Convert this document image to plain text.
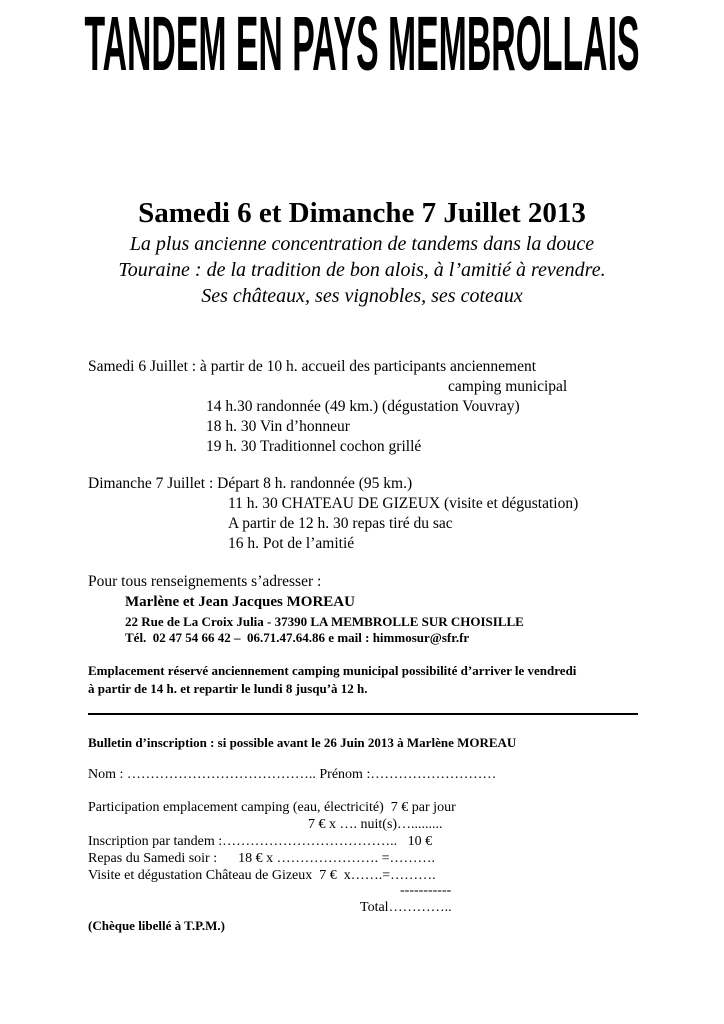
TANDEM EN PAYS MEMBROLLAIS
Samedi 6 et Dimanche 7 Juillet 2013
La plus ancienne concentration de tandems dans la douce
Touraine : de la tradition de bon alois, à l’amitié à revendre.
Ses châteaux, ses vignobles, ses coteaux
Samedi 6 Juillet : à partir de 10 h. accueil des participants anciennement
camping municipal
14 h.30 randonnée (49 km.) (dégustation Vouvray)
18 h. 30 Vin d’honneur
19 h. 30 Traditionnel cochon grillé
Dimanche 7 Juillet : Départ 8 h. randonnée (95 km.)
11 h. 30 CHATEAU DE GIZEUX (visite et dégustation)
A partir de 12 h. 30 repas tiré du sac
16 h. Pot de l’amitié
Pour tous renseignements s’adresser :
Marlène et Jean Jacques MOREAU
22 Rue de La Croix Julia - 37390 LA MEMBROLLE SUR CHOISILLE
Tél.  02 47 54 66 42 –  06.71.47.64.86 e mail : himmosur@sfr.fr
Emplacement réservé anciennement camping municipal possibilité d’arriver le vendredi
à partir de 14 h. et repartir le lundi 8 jusqu’à 12 h.
Bulletin d’inscription : si possible avant le 26 Juin 2013 à Marlène MOREAU
Nom : ………………………………….. Prénom :………………………
Participation emplacement camping (eau, électricité)  7 € par jour
7 € x …. nuit(s)….........
Inscription par tandem :………………………………..   10 €
Repas du Samedi soir :      18 € x …………………. =……….
Visite et dégustation Château de Gizeux  7 €  x…….=……….
-----------
Total…………..
(Chèque libellé à T.P.M.)
